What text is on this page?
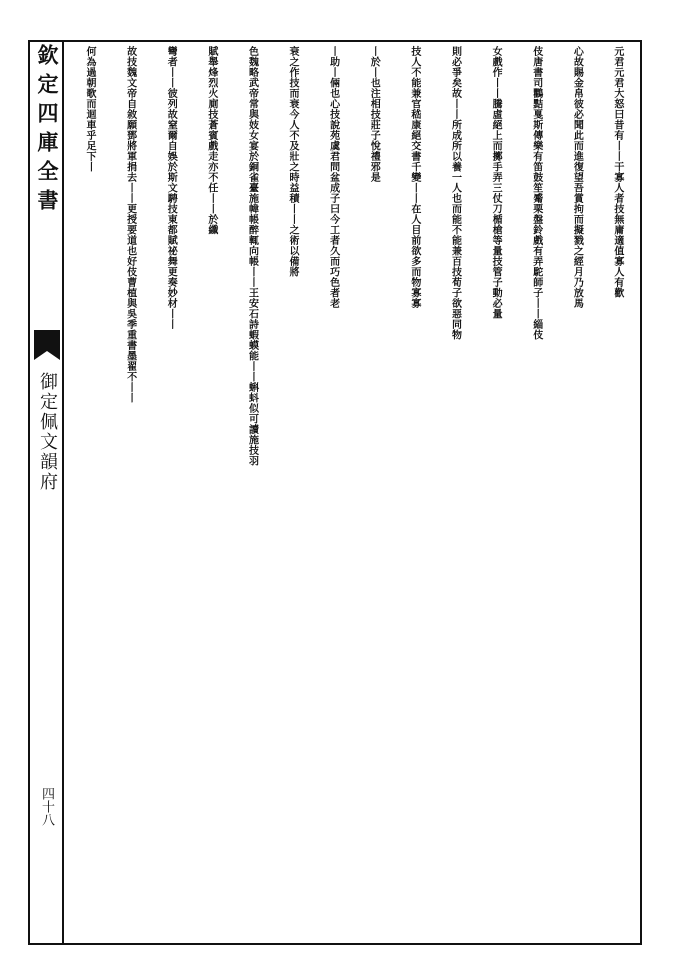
欽定四庫全書
御定佩文韻府
四十八
元君元君大怒曰昔有丨丨干寡人者技無庸適值寡人有歡
心故賜金帛彼必聞此而進復望吾賞拘而擬戮之經月乃放馬
伎唐書司鸜黠戛斯傳樂有笛鼓笙觱栗盤鈴戲有弄駝師子丨丨緇伎
女戲作丨丨騰虛絕上而擲手弄三仗刀楯槍等量技管子動必量
則必爭矣故丨丨所成所以養一人也而能不能兼百技荀子欲惡同物
技人不能兼官嵇康絕交書千變丨丨在人目前欲多而物寡寡
丨於丨也注相技莊子悅禮邪是
丨助丨倆也心技說苑虞君問盆成子曰今工者久而巧色者老
衰之作技而衰今人不及壯之時益積丨丨之術以備將
色魏略武帝常與妓女宴於銅雀臺施幃帳醉輒向帳丨丨王安石詩蝦蟆能丨丨蝌蚪似可讀施技羽
賦舉烽烈火廁技蒼賓戲走亦不任丨丨於纖
彎者丨丨彼列故窒爾自娛於斯文騁技東都賦祕舞更奏妙材丨丨
故技魏文帝自敘願鄧將軍捐去丨丨更授要道也好伎曹植與吳季重書墨翟不丨丨
何為過朝歌而迴車乎足下丨
